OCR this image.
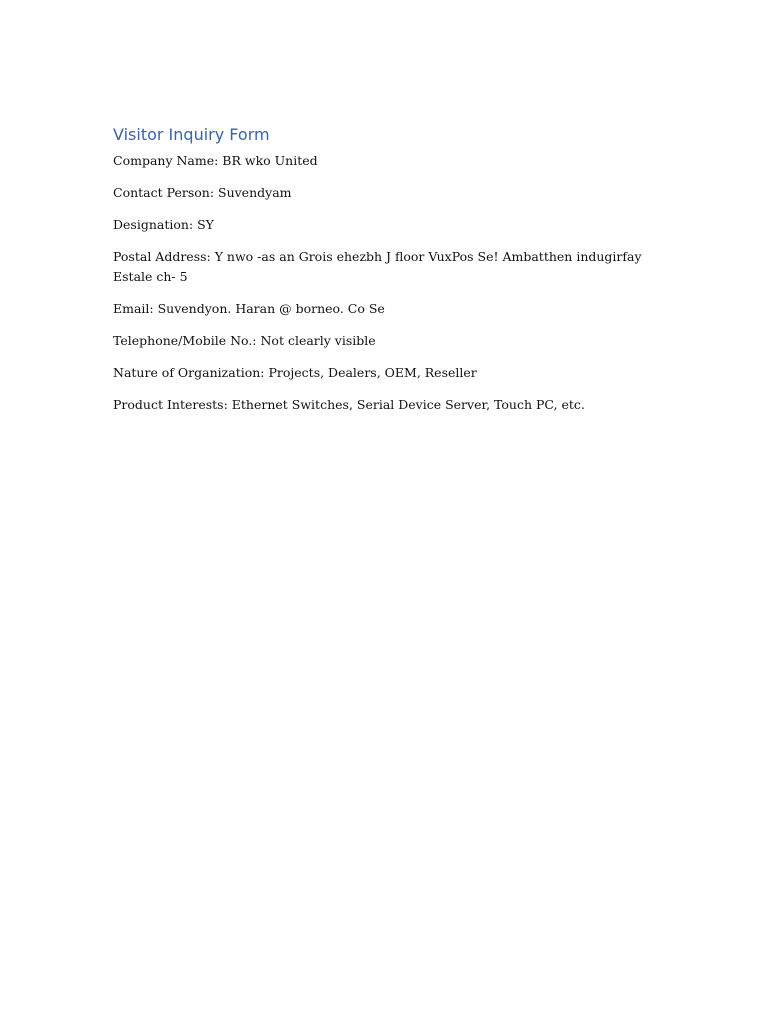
Visitor Inquiry Form

Company Name: BR wko United

Contact Person: Suvendyam

Designation: SY

Postal Address: Y nwo -as an Grois ehezbh J floor VuxPos Se! Ambatthen indugirfay Estale ch- 5

Email: Suvendyon. Haran @ borneo. Co Se

Telephone/Mobile No.: Not clearly visible

Nature of Organization: Projects, Dealers, OEM, Reseller

Product Interests: Ethernet Switches, Serial Device Server, Touch PC, etc.
